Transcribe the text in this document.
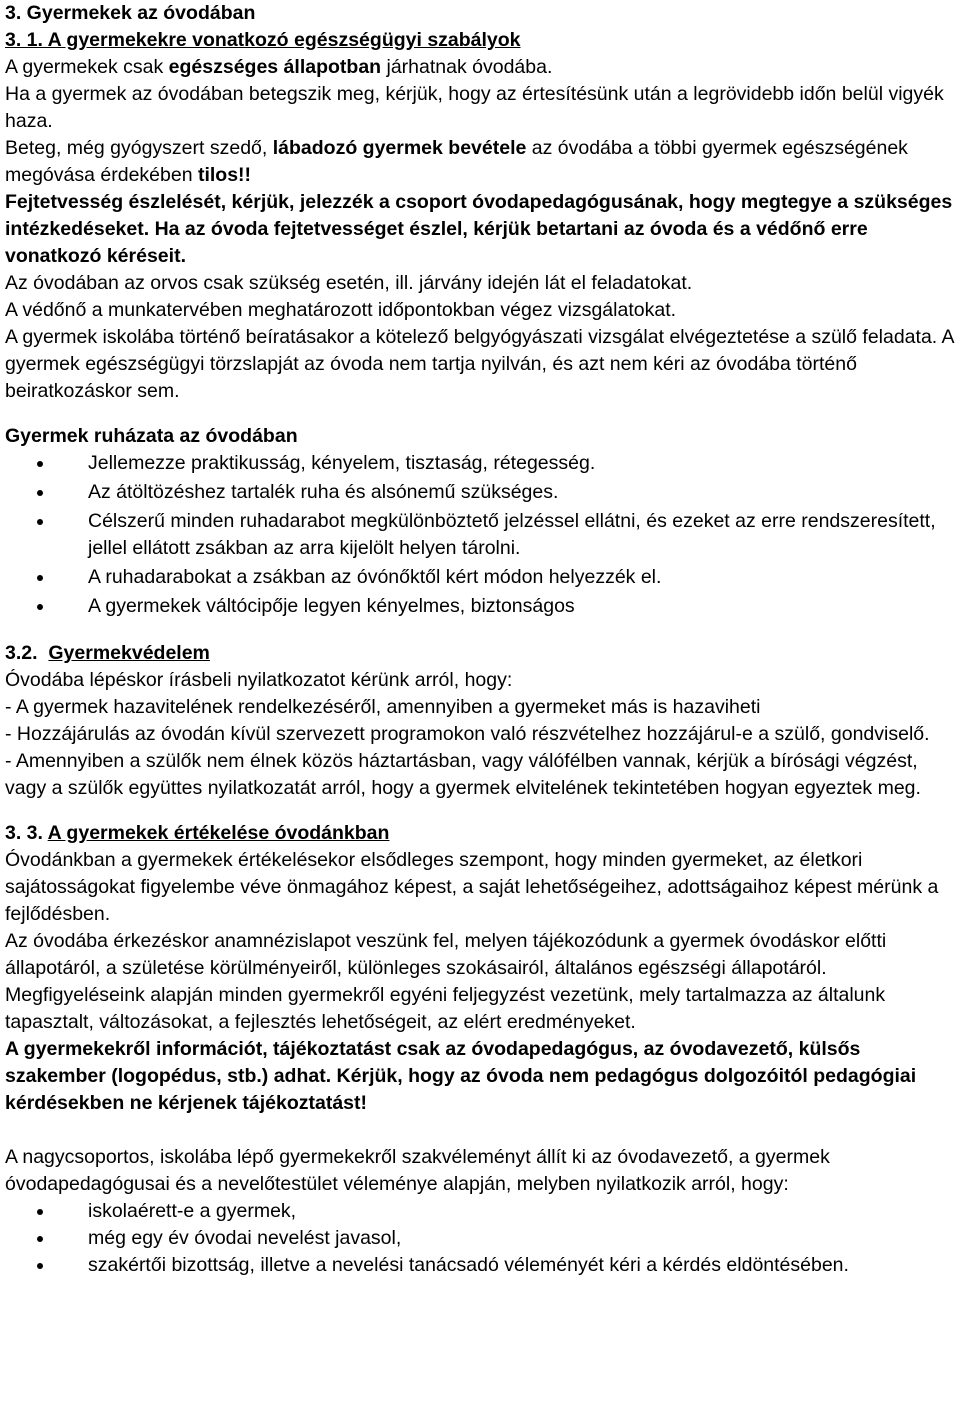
3. Gyermekek az óvodában

3. 1. A gyermekekre vonatkozó egészségügyi szabályok

A gyermekek csak egészséges állapotban járhatnak óvodába.

Ha a gyermek az óvodában betegszik meg, kérjük, hogy az értesítésünk után a legrövidebb időn belül vigyék haza.

Beteg, még gyógyszert szedő, lábadozó gyermek bevétele az óvodába a többi gyermek egészségének megóvása érdekében tilos!!

Fejtetvesség észlelését, kérjük, jelezzék a csoport óvodapedagógusának, hogy megtegye a szükséges intézkedéseket. Ha az óvoda fejtetvességet észlel, kérjük betartani az óvoda és a védőnő erre vonatkozó kéréseit.

Az óvodában az orvos csak szükség esetén, ill. járvány idején lát el feladatokat.

A védőnő a munkatervében meghatározott időpontokban végez vizsgálatokat.

A gyermek iskolába történő beíratásakor a kötelező belgyógyászati vizsgálat elvégeztetése a szülő feladata. A gyermek egészségügyi törzslapját az óvoda nem tartja nyilván, és azt nem kéri az óvodába történő beiratkozáskor sem.

Gyermek ruházata az óvodában

Jellemezze praktikusság, kényelem, tisztaság, rétegesség.
Az átöltözéshez tartalék ruha és alsónemű szükséges.
Célszerű minden ruhadarabot megkülönböztető jelzéssel ellátni, és ezeket az erre rendszeresített, jellel ellátott zsákban az arra kijelölt helyen tárolni.
A ruhadarabokat a zsákban az óvónőktől kért módon helyezzék el.
A gyermekek váltócipője legyen kényelmes, biztonságos

3.2. Gyermekvédelem

Óvodába lépéskor írásbeli nyilatkozatot kérünk arról, hogy:

- A gyermek hazavitelének rendelkezéséről, amennyiben a gyermeket más is hazaviheti

- Hozzájárulás az óvodán kívül szervezett programokon való részvételhez hozzájárul-e a szülő, gondviselő.

- Amennyiben a szülők nem élnek közös háztartásban, vagy válófélben vannak, kérjük a bírósági végzést, vagy a szülők együttes nyilatkozatát arról, hogy a gyermek elvitelének tekintetében hogyan egyeztek meg.

3. 3. A gyermekek értékelése óvodánkban

Óvodánkban a gyermekek értékelésekor elsődleges szempont, hogy minden gyermeket, az életkori sajátosságokat figyelembe véve önmagához képest, a saját lehetőségeihez, adottságaihoz képest mérünk a fejlődésben.

Az óvodába érkezéskor anamnézislapot veszünk fel, melyen tájékozódunk a gyermek óvodáskor előtti állapotáról, a születése körülményeiről, különleges szokásairól, általános egészségi állapotáról. Megfigyeléseink alapján minden gyermekről egyéni feljegyzést vezetünk, mely tartalmazza az általunk tapasztalt, változásokat, a fejlesztés lehetőségeit, az elért eredményeket.

A gyermekekről információt, tájékoztatást csak az óvodapedagógus, az óvodavezető, külsős szakember (logopédus, stb.) adhat. Kérjük, hogy az óvoda nem pedagógus dolgozóitól pedagógiai kérdésekben ne kérjenek tájékoztatást!

A nagycsoportos, iskolába lépő gyermekekről szakvéleményt állít ki az óvodavezető, a gyermek óvodapedagógusai és a nevelőtestület véleménye alapján, melyben nyilatkozik arról, hogy:

iskolaérett-e a gyermek,
még egy év óvodai nevelést javasol,
szakértői bizottság, illetve a nevelési tanácsadó véleményét kéri a kérdés eldöntésében.
